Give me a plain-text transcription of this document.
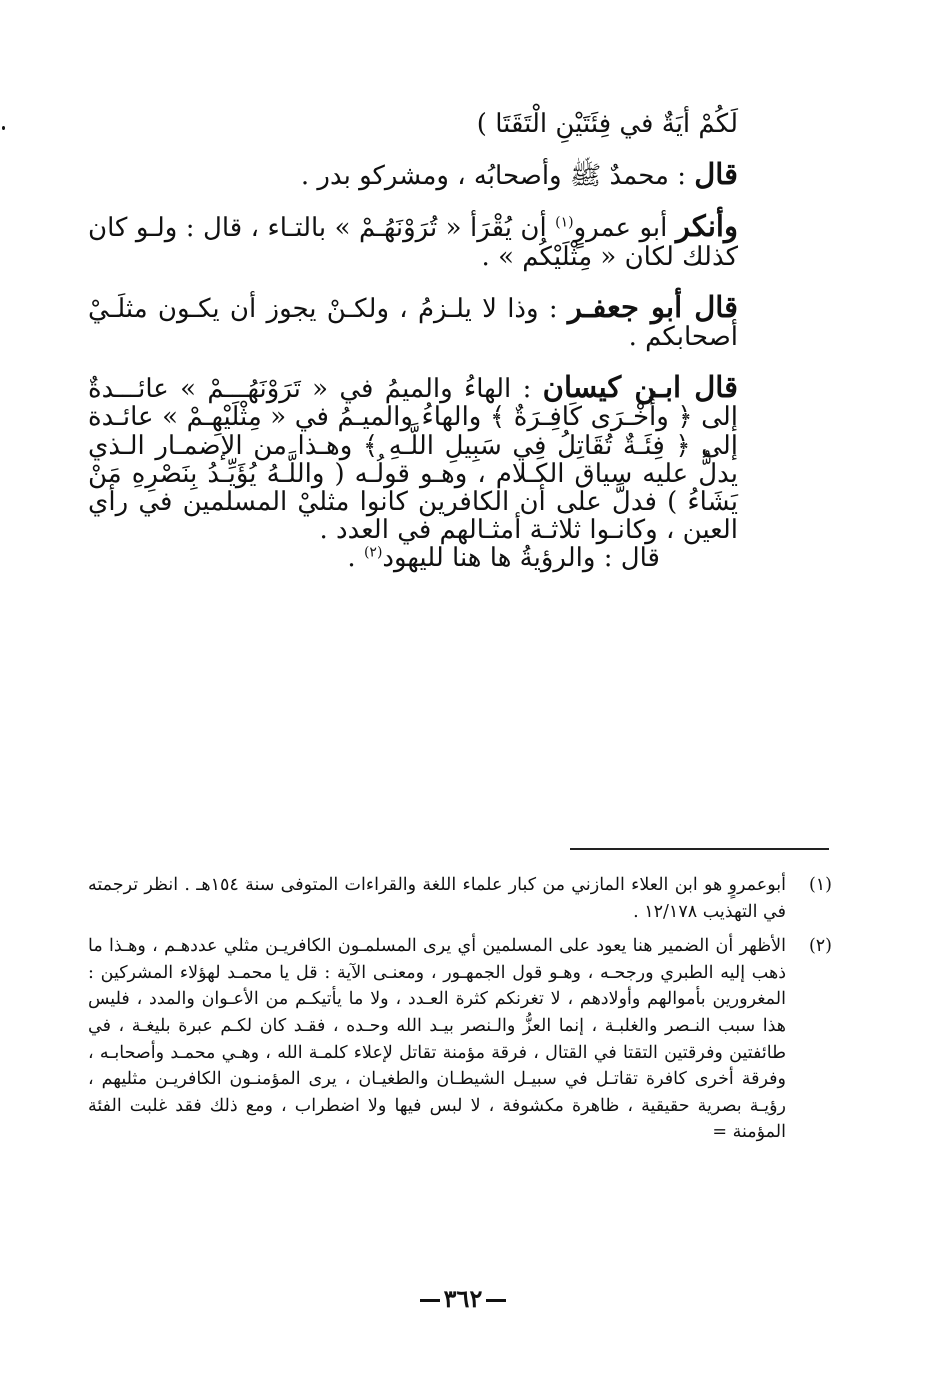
لَكُمْ أيَةٌ في فِئَتَيْنِ الْتَقَتَا )

قال : محمدٌ ﷺ وأصحابُه ، ومشركو بدر .

وأنكر أبو عمروٍ$^{(١)}$ أن يُقْرَأ « تُرَوْنَهُـمْ » بالتـاء ، قال : ولـو كان كذلك لكان « مِثْلَيْكُم » .

قال أبو جعفـر : وذا لا يلـزمُ ، ولكـنْ يجوز أن يكـون مثلَـيْ أصحابكم .

قال ابـن كيسان : الهاءُ والميمُ في « تَرَوْنَهُـــمْ » عائـــدةٌ إلى ﴿ وأُخْـرَى كَافِـرَةٌ ﴾ والهاءُ والميـمُ في « مِثْلَيْهِـمْ » عائـدة إلى ﴿ فِئَـةٌ تُقَاتِلُ فِي سَبِيلِ اللَّـهِ ﴾ وهـذا من الإضمـار الـذي يدلُّ عليه سياق الكـلام ، وهـو قولُـه ( واللَّـهُ يُؤَيِّـدُ بِنَصْرِهِ مَنْ يَشَاءُ ) فدلَّ على أن الكافرين كانوا مثليْ المسلمين في رأي العين ، وكانـوا ثلاثـة أمثـالهم في العدد .

قال : والرؤيةُ ها هنا لليهود$^{(٢)}$ .

(١)
أبوعمروٍ هو ابن العلاء المازني من كبار علماء اللغة والقراءات المتوفى سنة ١٥٤هـ . انظر ترجمته في التهذيب ١٢/١٧٨ .
(٢)
الأظهر أن الضمير هنا يعود على المسلمين أي يرى المسلمـون الكافريـن مثلي عددهـم ، وهـذا ما ذهب إليه الطبري ورجحـه ، وهـو قول الجمهـور ، ومعنـى الآية : قل يا محمـد لهؤلاء المشركين : المغرورين بأموالهم وأولادهم ، لا تغرنكم كثرة العـدد ، ولا ما يأتيكـم من الأعـوان والمدد ، فليس هذا سبب النـصر والغلبـة ، إنما العزُّ والـنصر بيـد الله وحـده ، فقـد كان لكـم عبرة بليغـة ، في طائفتين وفرقتين التقتا في القتال ، فرقة مؤمنة تقاتل لإعلاء كلمـة الله ، وهـي محمـد وأصحابـه ، وفرقة أخرى كافرة تقاتـل في سبيـل الشيطـان والطغيـان ، يرى المؤمنـون الكافريـن مثليهم ، رؤيـة بصرية حقيقية ، ظاهرة مكشوفة ، لا لبس فيها ولا اضطراب ، ومع ذلك فقد غلبت الفئة المؤمنة =
٣٦٢
